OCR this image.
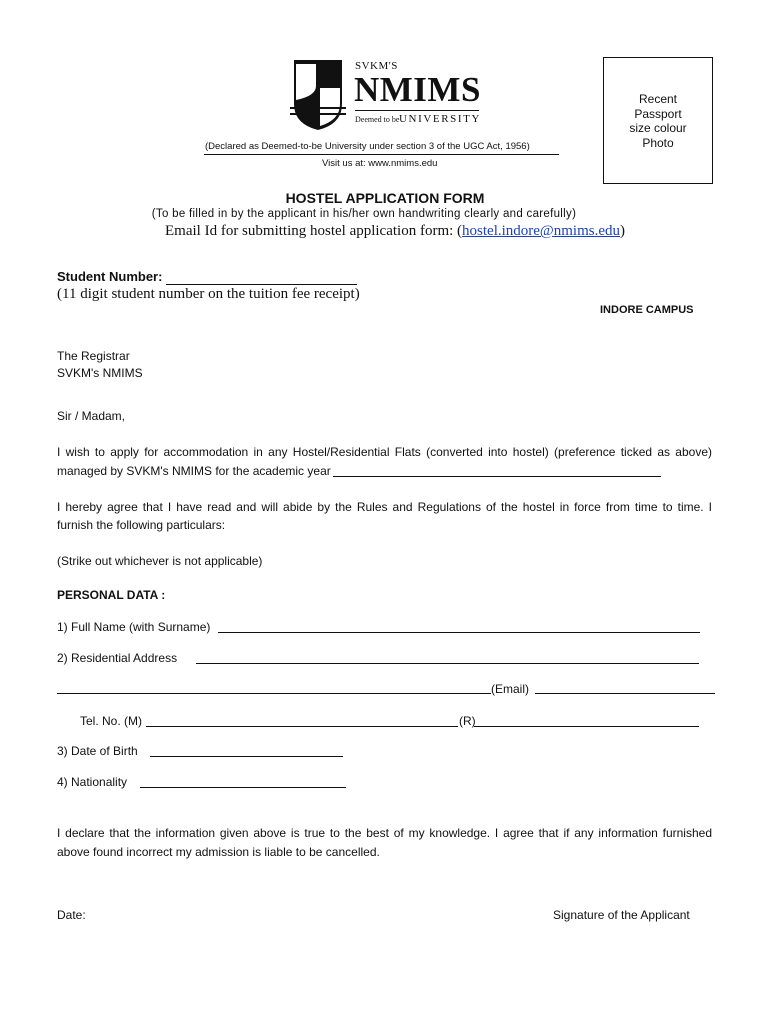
SVKM'S
NMIMS
Deemed to be UNIVERSITY
(Declared as Deemed-to-be University under section 3 of the UGC Act, 1956)
Visit us at: www.nmims.edu
Recent
Passport
size colour
Photo
HOSTEL APPLICATION FORM
(To be filled in by the applicant in his/her own handwriting clearly and carefully)
Email Id for submitting hostel application form: (hostel.indore@nmims.edu)
Student Number:
(11 digit student number on the tuition fee receipt)
INDORE CAMPUS
The Registrar
SVKM's NMIMS
Sir / Madam,
I wish to apply for accommodation in any Hostel/Residential Flats (converted into hostel) (preference ticked as above)
managed by SVKM's NMIMS for the academic year
I hereby agree that I have read and will abide by the Rules and Regulations of the hostel in force from time to time. I
furnish the following particulars:
(Strike out whichever is not applicable)
PERSONAL DATA :
1) Full Name (with Surname)
2) Residential Address
(Email)
Tel. No. (M)	(R)
3) Date of Birth
4) Nationality
I declare that the information given above is true to the best of my knowledge. I agree that if any information furnished
above found incorrect my admission is liable to be cancelled.
Date:	Signature of the Applicant
